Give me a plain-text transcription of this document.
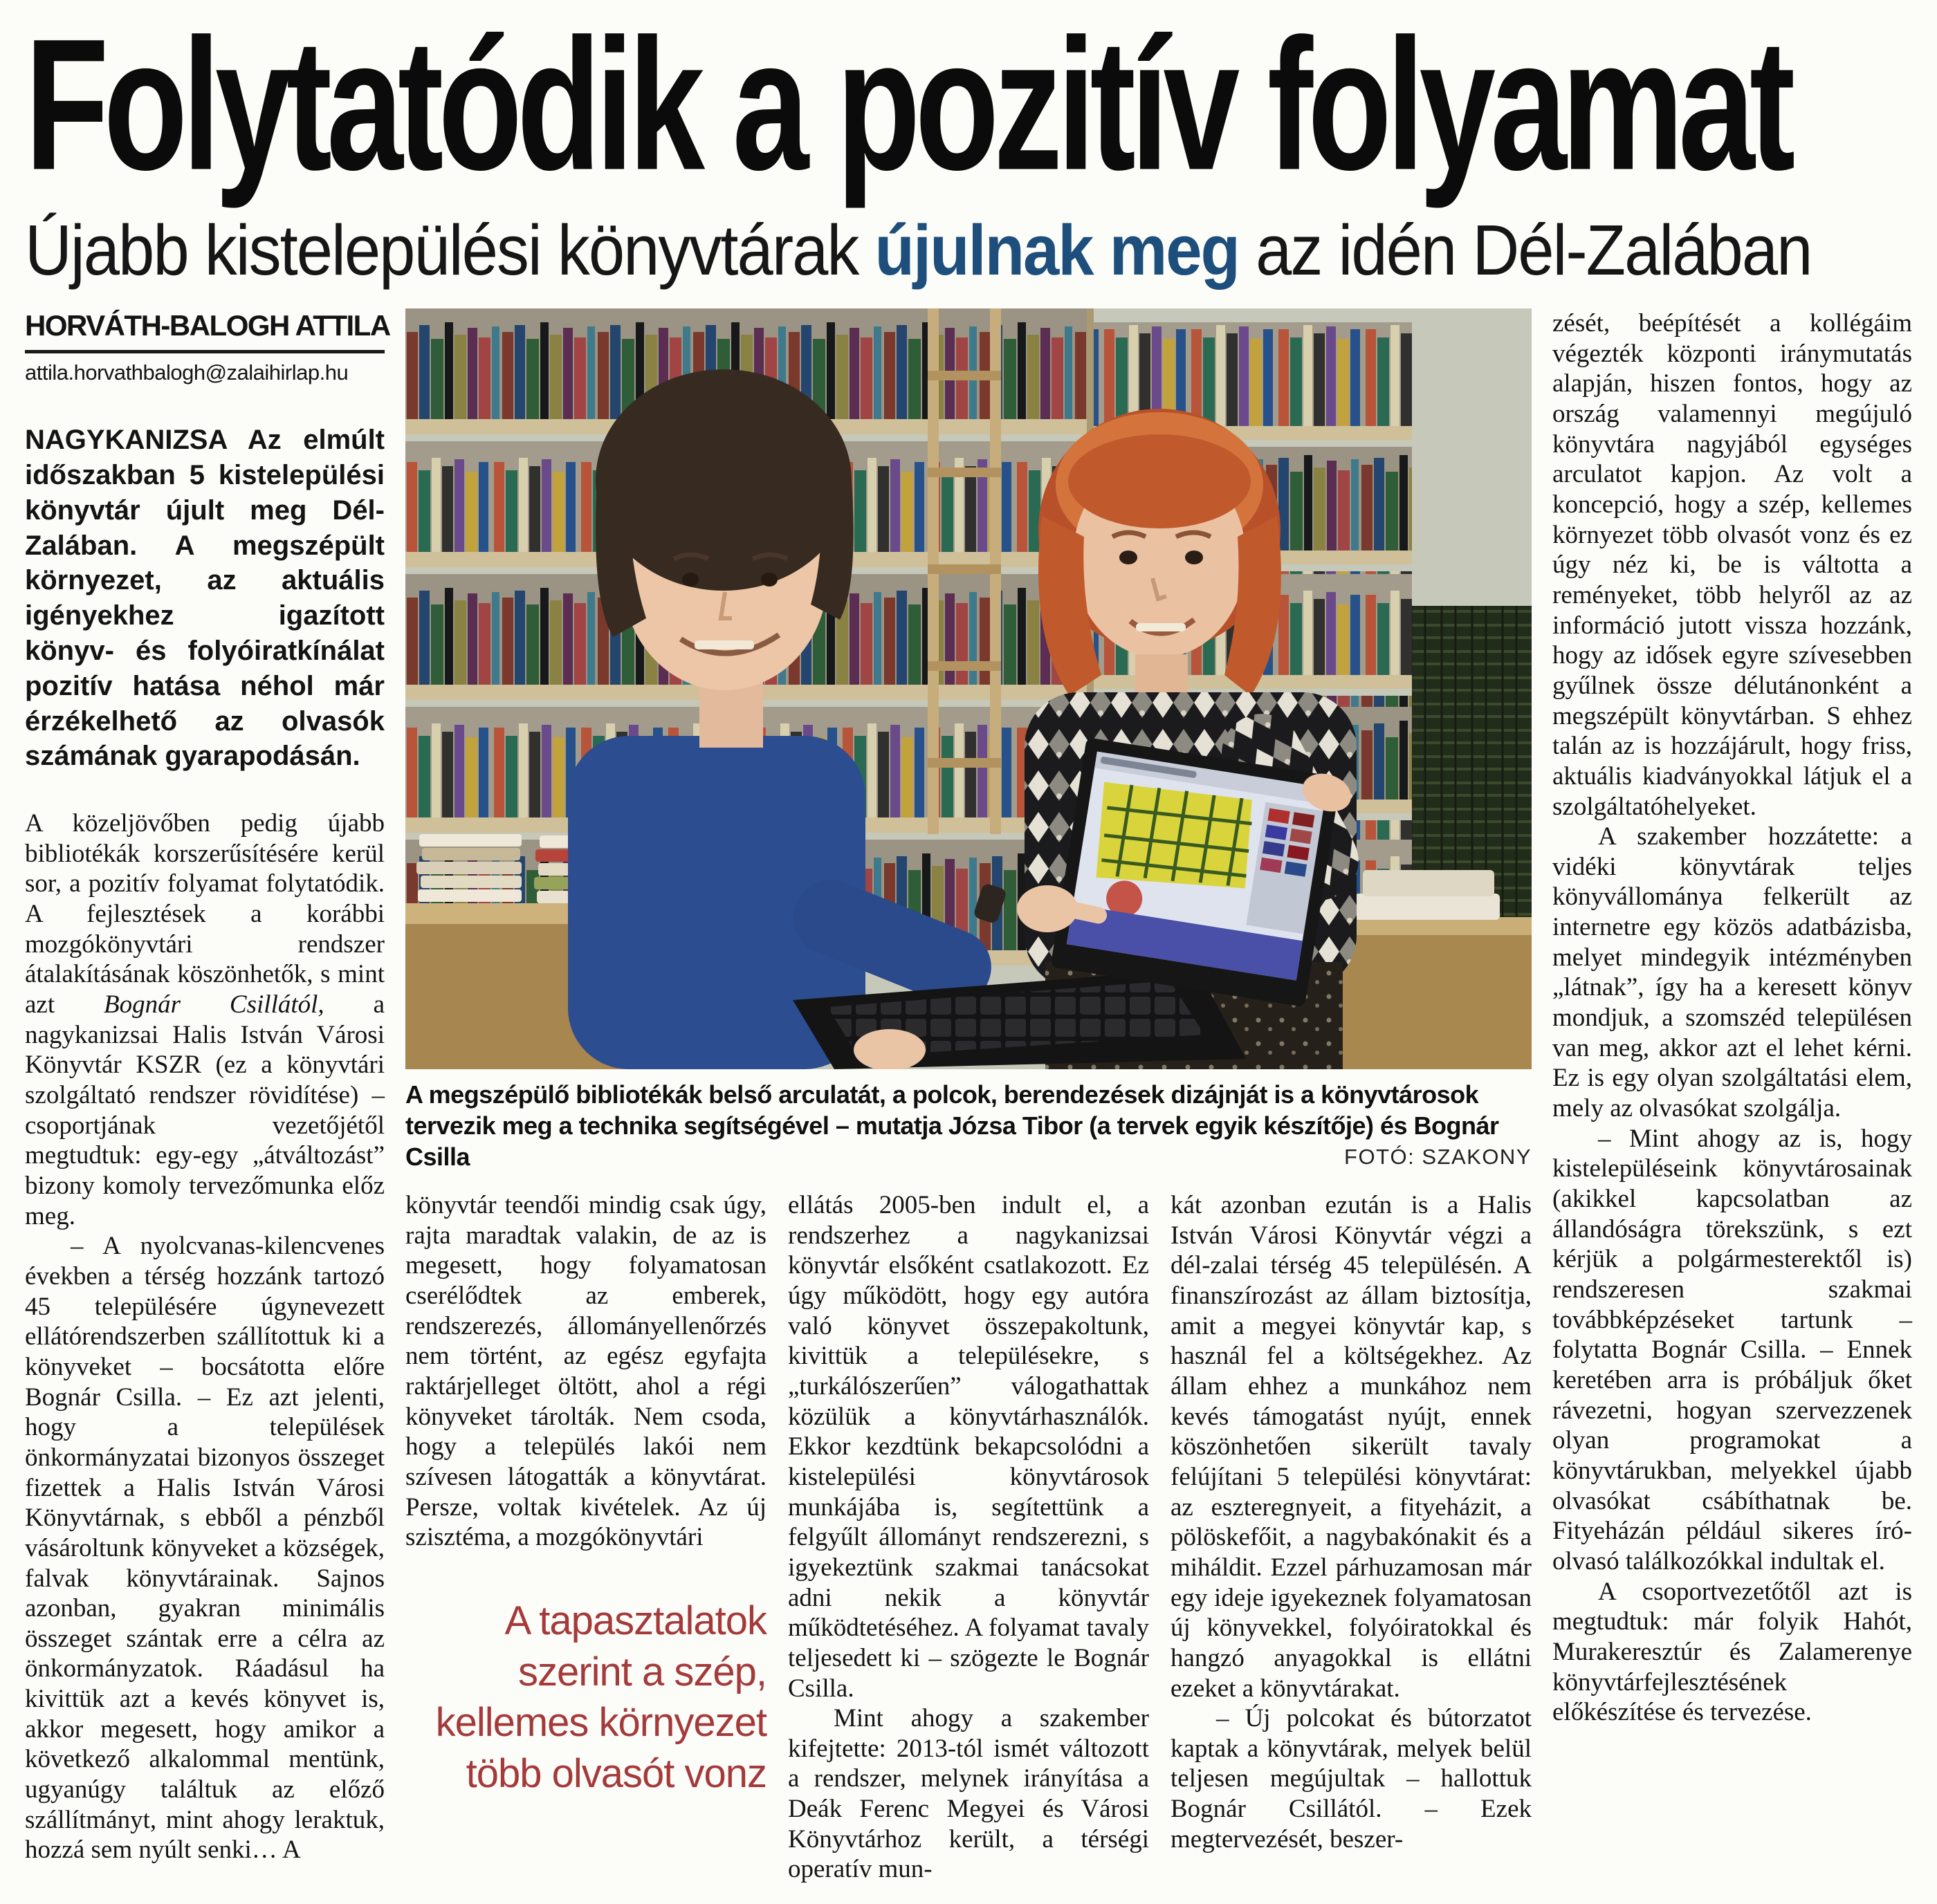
Folytatódik a pozitív folyamat
Újabb kistelepülési könyvtárak újulnak meg az idén Dél-Zalában
HORVÁTH-BALOGH ATTILA
attila.horvathbalogh@zalaihirlap.hu

NAGYKANIZSA Az elmúlt időszakban 5 kistelepülési könyvtár újult meg Dél-Zalában. A megszépült környezet, az aktuális igényekhez igazított könyv- és folyóiratkínálat pozitív hatása néhol már érzékelhető az olvasók számának gyarapodásán.

A közeljövőben pedig újabb bibliotékák korszerűsítésére kerül sor, a pozitív folyamat folytatódik. A fejlesztések a korábbi mozgókönyvtári rendszer átalakításának köszönhetők, s mint azt Bognár Csillától, a nagykanizsai Halis István Városi Könyvtár KSZR (ez a könyvtári szolgáltató rendszer rövidítése) – csoportjának vezetőjétől megtudtuk: egy-egy „átváltozást” bizony komoly tervezőmunka előz meg.

– A nyolcvanas-kilencvenes években a térség hozzánk tartozó 45 településére úgynevezett ellátórendszerben szállítottuk ki a könyveket – bocsátotta előre Bognár Csilla. – Ez azt jelenti, hogy a települések önkormányzatai bizonyos összeget fizettek a Halis István Városi Könyvtárnak, s ebből a pénzből vásároltunk könyveket a községek, falvak könyvtárainak. Sajnos azonban, gyakran minimális összeget szántak erre a célra az önkormányzatok. Ráadásul ha kivittük azt a kevés könyvet is, akkor megesett, hogy amikor a következő alkalommal mentünk, ugyanúgy találtuk az előző szállítmányt, mint ahogy leraktuk, hozzá sem nyúlt senki… A

A megszépülő bibliotékák belső arculatát, a polcok, berendezések dizájnját is a könyvtárosok tervezik meg a technika segítségével – mutatja Józsa Tibor (a tervek egyik készítője) és Bognár Csilla	FOTÓ: SZAKONY

könyvtár teendői mindig csak úgy, rajta maradtak valakin, de az is megesett, hogy folyamatosan cserélődtek az emberek, rendszerezés, állományellenőrzés nem történt, az egész egyfajta raktárjelleget öltött, ahol a régi könyveket tárolták. Nem csoda, hogy a település lakói nem szívesen látogatták a könyvtárat. Persze, voltak kivételek. Az új szisztéma, a mozgókönyvtári

A tapasztalatok szerint a szép, kellemes környezet több olvasót vonz

ellátás 2005-ben indult el, a rendszerhez a nagykanizsai könyvtár elsőként csatlakozott. Ez úgy működött, hogy egy autóra való könyvet összepakoltunk, kivittük a településekre, s „turkálószerűen” válogathattak közülük a könyvtárhasználók. Ekkor kezdtünk bekapcsolódni a kistelepülési könyvtárosok munkájába is, segítettünk a felgyűlt állományt rendszerezni, s igyekeztünk szakmai tanácsokat adni nekik a könyvtár működtetéséhez. A folyamat tavaly teljesedett ki – szögezte le Bognár Csilla.

Mint ahogy a szakember kifejtette: 2013-tól ismét változott a rendszer, melynek irányítása a Deák Ferenc Megyei és Városi Könyvtárhoz került, a térségi operatív mun-

kát azonban ezután is a Halis István Városi Könyvtár végzi a dél-zalai térség 45 településén. A finanszírozást az állam biztosítja, amit a megyei könyvtár kap, s használ fel a költségekhez. Az állam ehhez a munkához nem kevés támogatást nyújt, ennek köszönhetően sikerült tavaly felújítani 5 települési könyvtárat: az eszteregnyeit, a fityeházit, a pölöskefőit, a nagybakónakit és a miháldit. Ezzel párhuzamosan már egy ideje igyekeznek folyamatosan új könyvekkel, folyóiratokkal és hangzó anyagokkal is ellátni ezeket a könyvtárakat.

– Új polcokat és bútorzatot kaptak a könyvtárak, melyek belül teljesen megújultak – hallottuk Bognár Csillától. – Ezek megtervezését, beszer-

zését, beépítését a kollégáim végezték központi iránymutatás alapján, hiszen fontos, hogy az ország valamennyi megújuló könyvtára nagyjából egységes arculatot kapjon. Az volt a koncepció, hogy a szép, kellemes környezet több olvasót vonz és ez úgy néz ki, be is váltotta a reményeket, több helyről az az információ jutott vissza hozzánk, hogy az idősek egyre szívesebben gyűlnek össze délutánonként a megszépült könyvtárban. S ehhez talán az is hozzájárult, hogy friss, aktuális kiadványokkal látjuk el a szolgáltatóhelyeket.

A szakember hozzátette: a vidéki könyvtárak teljes könyvállománya felkerült az internetre egy közös adatbázisba, melyet mindegyik intézményben „látnak”, így ha a keresett könyv mondjuk, a szomszéd településen van meg, akkor azt el lehet kérni. Ez is egy olyan szolgáltatási elem, mely az olvasókat szolgálja.

– Mint ahogy az is, hogy kistelepüléseink könyvtárosainak (akikkel kapcsolatban az állandóságra törekszünk, s ezt kérjük a polgármesterektől is) rendszeresen szakmai továbbképzéseket tartunk – folytatta Bognár Csilla. – Ennek keretében arra is próbáljuk őket rávezetni, hogyan szervezzenek olyan programokat a könyvtárukban, melyekkel újabb olvasókat csábíthatnak be. Fityeházán például sikeres író-olvasó találkozókkal indultak el.

A csoportvezetőtől azt is megtudtuk: már folyik Hahót, Murakeresztúr és Zalamerenye könyvtárfejlesztésének előkészítése és tervezése.
